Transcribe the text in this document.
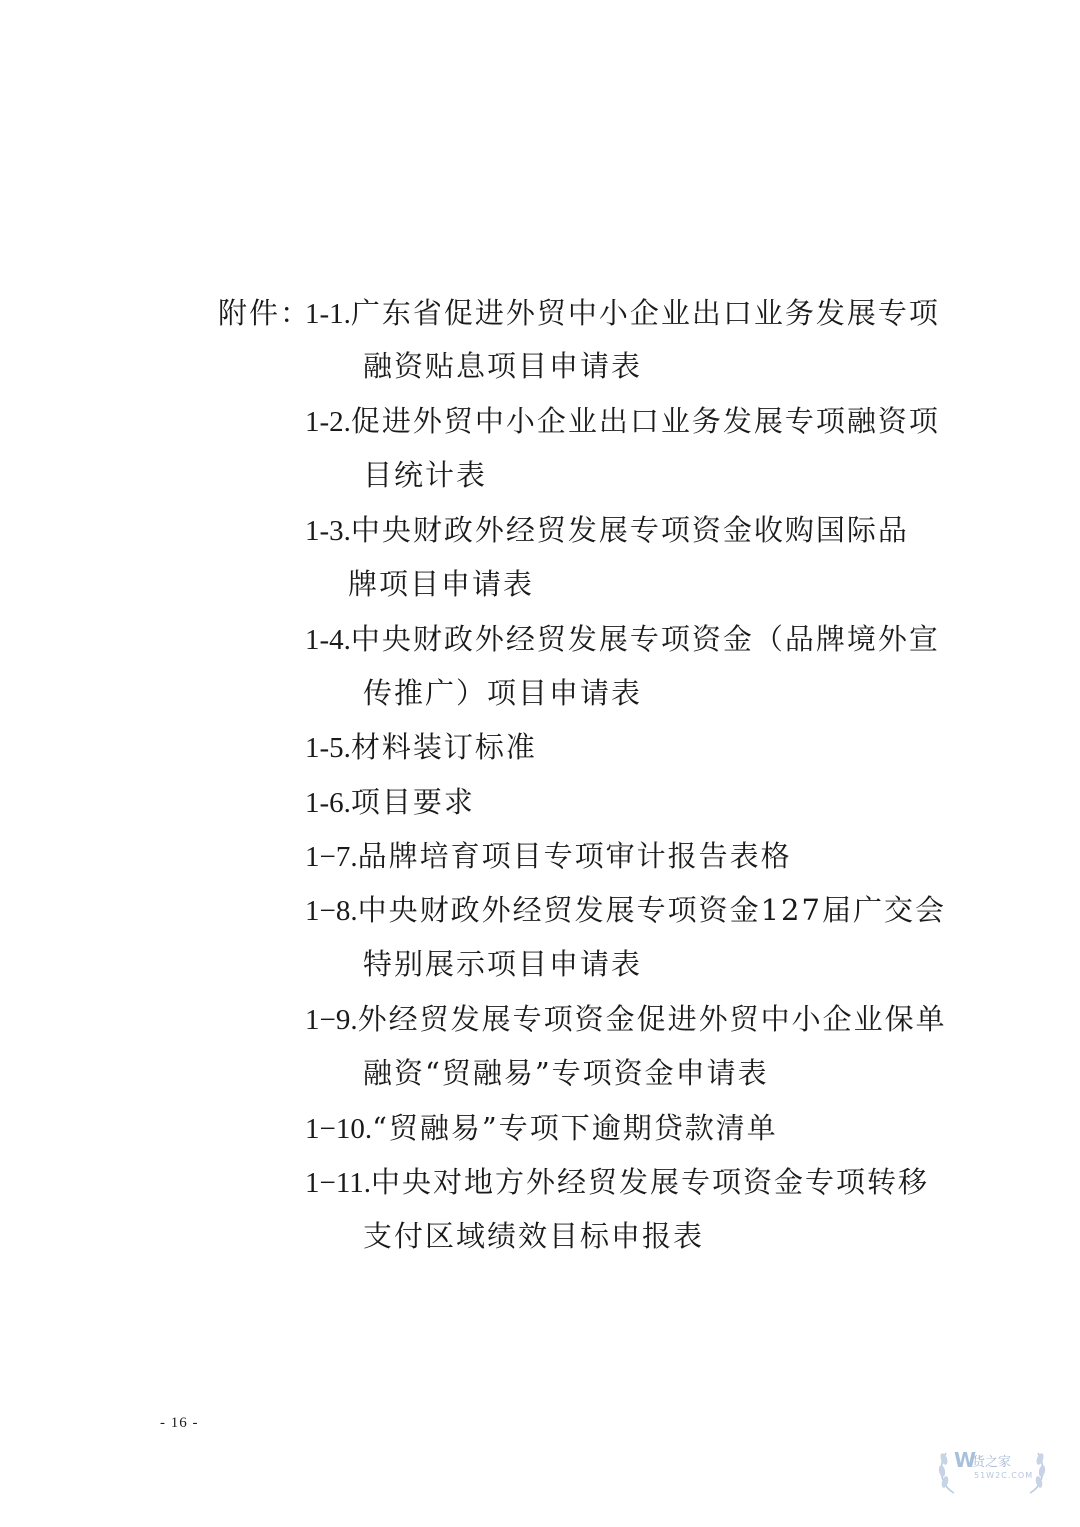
附件：
1-1.广东省促进外贸中小企业出口业务发展专项
融资贴息项目申请表
1-2.促进外贸中小企业出口业务发展专项融资项
目统计表
1-3.中央财政外经贸发展专项资金收购国际品
牌项目申请表
1-4.中央财政外经贸发展专项资金（品牌境外宣
传推广）项目申请表
1-5.材料装订标准
1-6.项目要求
1−7.品牌培育项目专项审计报告表格
1−8.中央财政外经贸发展专项资金127届广交会
特别展示项目申请表
1−9.外经贸发展专项资金促进外贸中小企业保单
融资“贸融易”专项资金申请表
1−10.“贸融易”专项下逾期贷款清单
1−11.中央对地方外经贸发展专项资金专项转移
支付区域绩效目标申报表
- 16 -
W
货之家
51W2C.COM
